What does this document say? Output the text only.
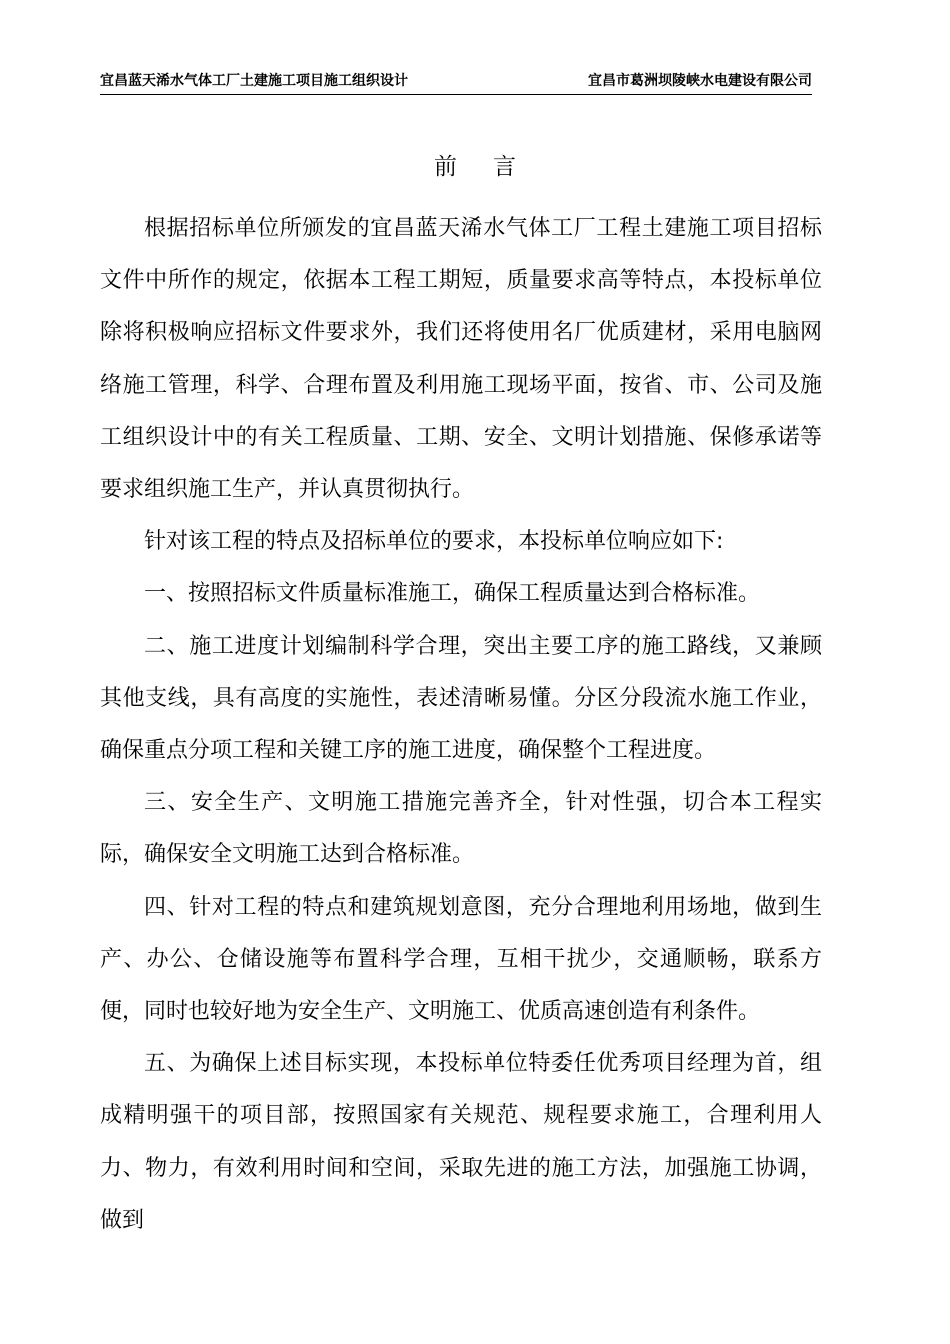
宜昌蓝天浠水气体工厂土建施工项目施工组织设计	宜昌市葛洲坝陵峡水电建设有限公司
前言

根据招标单位所颁发的宜昌蓝天浠水气体工厂工程土建施工项目招标文件中所作的规定，依据本工程工期短，质量要求高等特点，本投标单位除将积极响应招标文件要求外，我们还将使用名厂优质建材，采用电脑网络施工管理，科学、合理布置及利用施工现场平面，按省、市、公司及施工组织设计中的有关工程质量、工期、安全、文明计划措施、保修承诺等要求组织施工生产，并认真贯彻执行。

针对该工程的特点及招标单位的要求，本投标单位响应如下:

一、按照招标文件质量标准施工，确保工程质量达到合格标准。

二、施工进度计划编制科学合理，突出主要工序的施工路线，又兼顾其他支线，具有高度的实施性，表述清晰易懂。分区分段流水施工作业，确保重点分项工程和关键工序的施工进度，确保整个工程进度。

三、安全生产、文明施工措施完善齐全，针对性强，切合本工程实际，确保安全文明施工达到合格标准。

四、针对工程的特点和建筑规划意图，充分合理地利用场地，做到生产、办公、仓储设施等布置科学合理，互相干扰少，交通顺畅，联系方便，同时也较好地为安全生产、文明施工、优质高速创造有利条件。

五、为确保上述目标实现，本投标单位特委任优秀项目经理为首，组成精明强干的项目部，按照国家有关规范、规程要求施工，合理利用人力、物力，有效利用时间和空间，采取先进的施工方法，加强施工协调，做到
